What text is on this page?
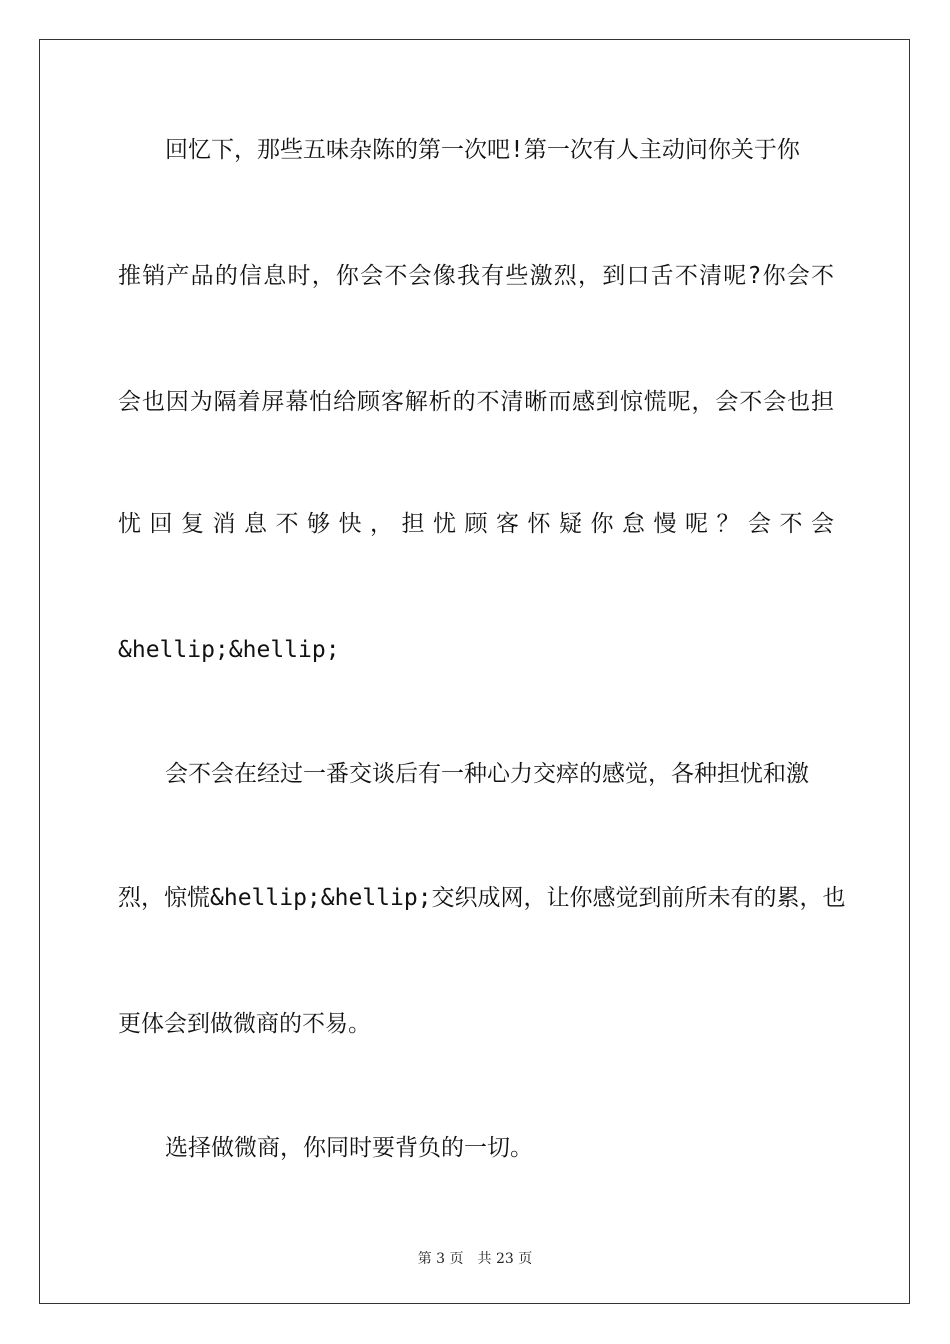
回忆下，那些五味杂陈的第一次吧!第一次有人主动问你关于你
推销产品的信息时，你会不会像我有些激烈，到口舌不清呢?你会不
会也因为隔着屏幕怕给顾客解析的不清晰而感到惊慌呢，会不会也担
忧回复消息不够快，担忧顾客怀疑你怠慢呢？会不会
&hellip;&hellip;
会不会在经过一番交谈后有一种心力交瘁的感觉，各种担忧和激
烈，惊慌&hellip;&hellip;交织成网，让你感觉到前所未有的累，也
更体会到做微商的不易。
选择做微商，你同时要背负的一切。
第 3 页 共 23 页
